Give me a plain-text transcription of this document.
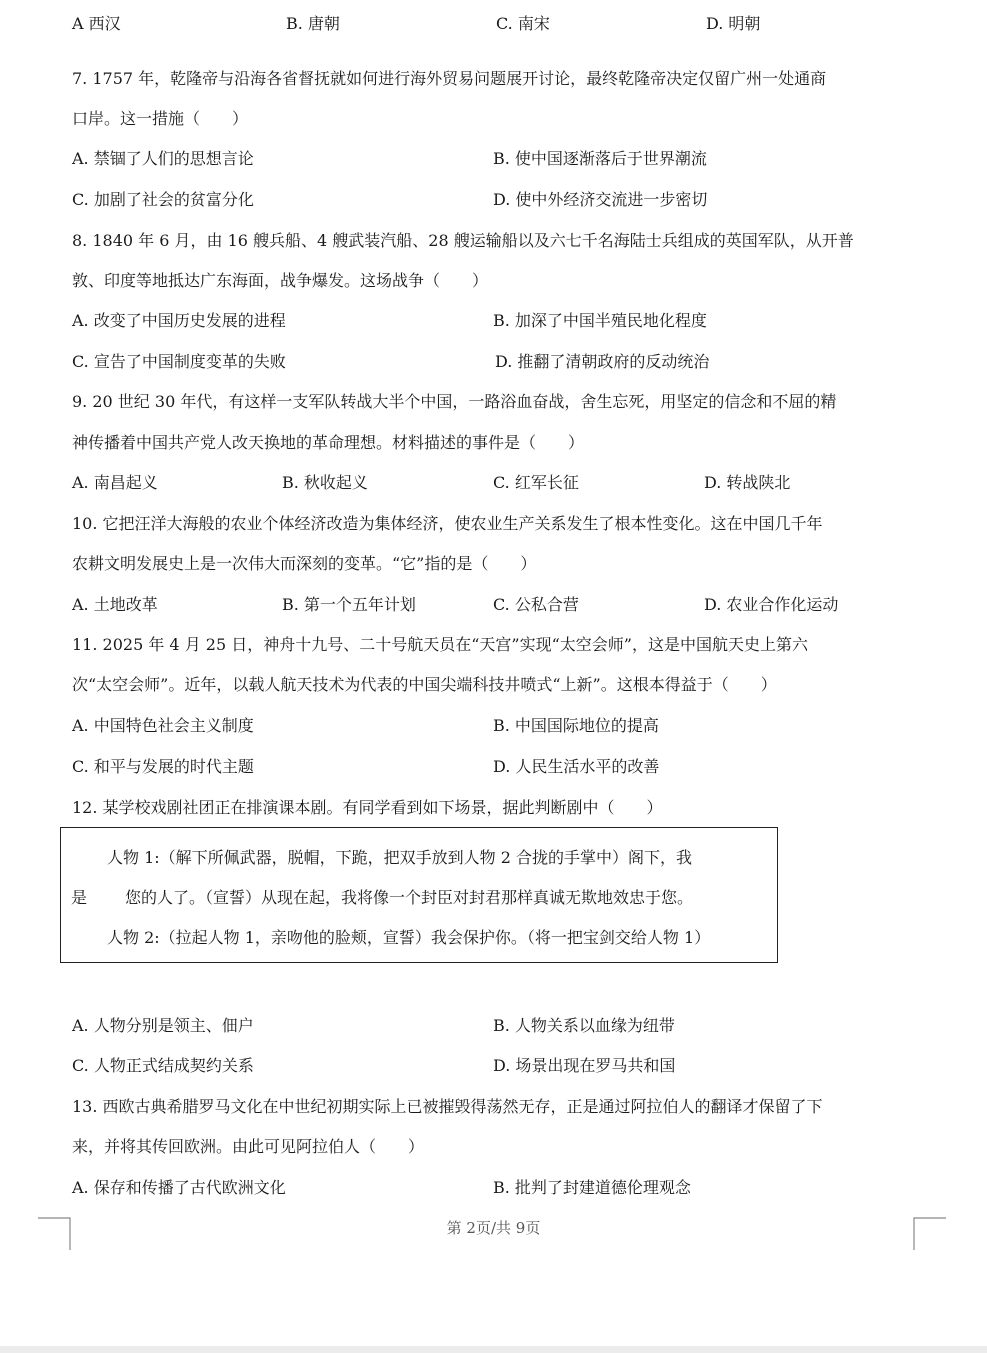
A 西汉	B. 唐朝	C. 南宋	D. 明朝
7. 1757 年，乾隆帝与沿海各省督抚就如何进行海外贸易问题展开讨论，最终乾隆帝决定仅留广州一处通商
口岸。这一措施（　　）
A. 禁锢了人们的思想言论	B. 使中国逐渐落后于世界潮流
C. 加剧了社会的贫富分化	D. 使中外经济交流进一步密切
8. 1840 年 6 月，由 16 艘兵船、4 艘武装汽船、28 艘运输船以及六七千名海陆士兵组成的英国军队，从开普
敦、印度等地抵达广东海面，战争爆发。这场战争（　　）
A. 改变了中国历史发展的进程	B. 加深了中国半殖民地化程度
C. 宣告了中国制度变革的失败	D. 推翻了清朝政府的反动统治
9. 20 世纪 30 年代，有这样一支军队转战大半个中国，一路浴血奋战，舍生忘死，用坚定的信念和不屈的精
神传播着中国共产党人改天换地的革命理想。材料描述的事件是（　　）
A. 南昌起义	B. 秋收起义	C. 红军长征	D. 转战陕北
10. 它把汪洋大海般的农业个体经济改造为集体经济，使农业生产关系发生了根本性变化。这在中国几千年
农耕文明发展史上是一次伟大而深刻的变革。“它”指的是（　　）
A. 土地改革	B. 第一个五年计划	C. 公私合营	D. 农业合作化运动
11. 2025 年 4 月 25 日，神舟十九号、二十号航天员在“天宫”实现“太空会师”，这是中国航天史上第六
次“太空会师”。近年，以载人航天技术为代表的中国尖端科技井喷式“上新”。这根本得益于（　　）
A. 中国特色社会主义制度	B. 中国国际地位的提高
C. 和平与发展的时代主题	D. 人民生活水平的改善
12. 某学校戏剧社团正在排演课本剧。有同学看到如下场景，据此判断剧中（　　）
人物 1:（解下所佩武器，脱帽，下跪，把双手放到人物 2 合拢的手掌中）阁下，我
是 您的人了。（宣誓）从现在起，我将像一个封臣对封君那样真诚无欺地效忠于您。
人物 2:（拉起人物 1，亲吻他的脸颊，宣誓）我会保护你。（将一把宝剑交给人物 1）
A. 人物分别是领主、佃户	B. 人物关系以血缘为纽带
C. 人物正式结成契约关系	D. 场景出现在罗马共和国
13. 西欧古典希腊罗马文化在中世纪初期实际上已被摧毁得荡然无存，正是通过阿拉伯人的翻译才保留了下
来，并将其传回欧洲。由此可见阿拉伯人（　　）
A. 保存和传播了古代欧洲文化	B. 批判了封建道德伦理观念
第 2页/共 9页
